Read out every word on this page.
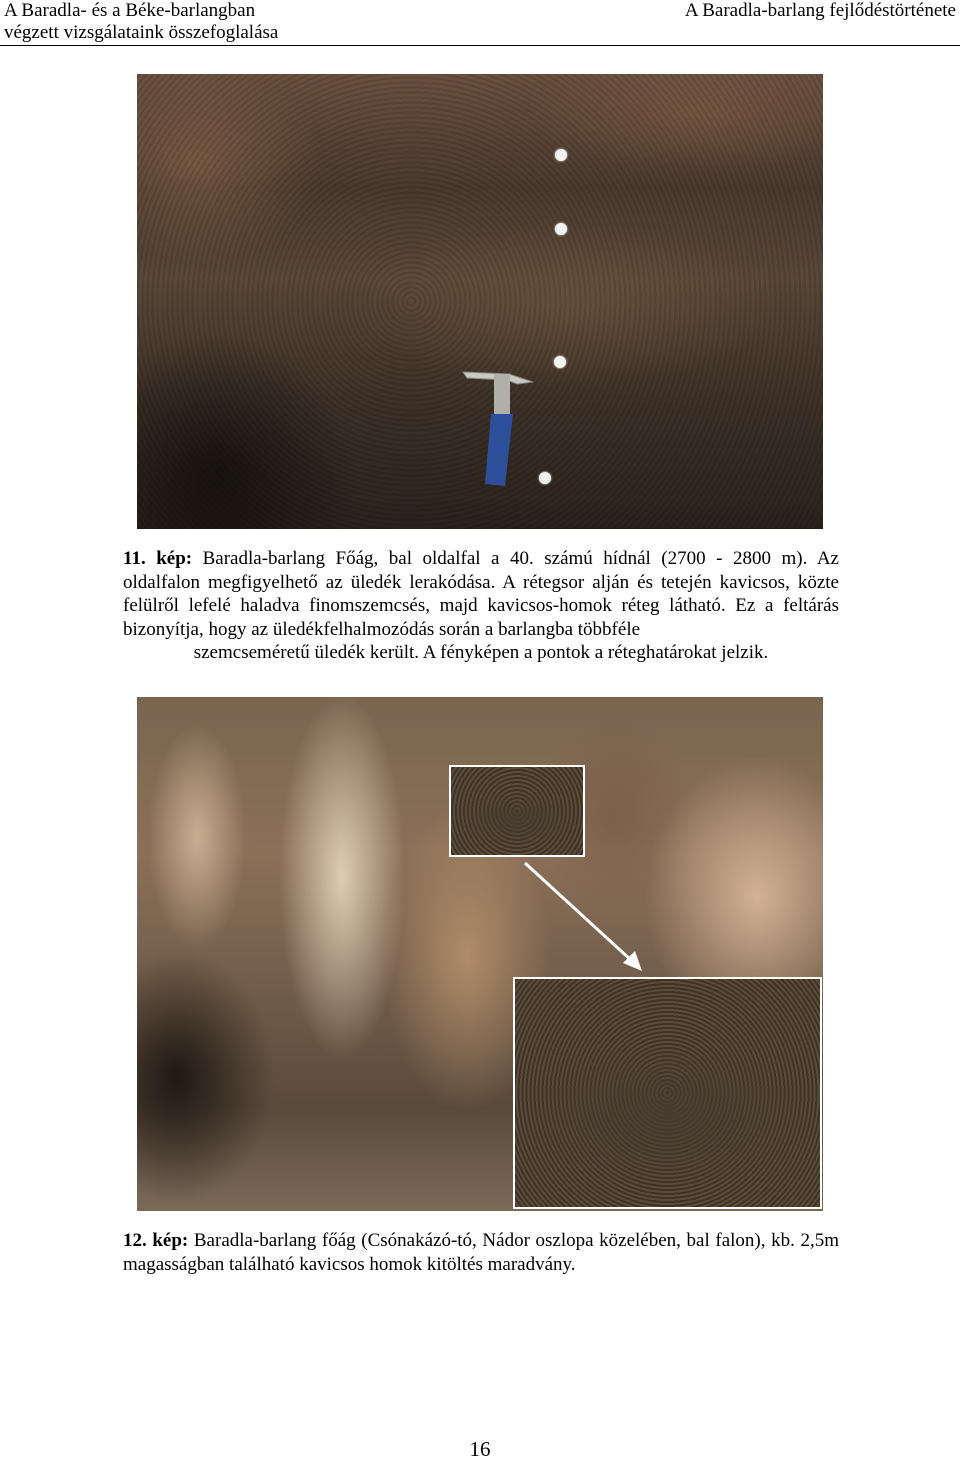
A Baradla- és a Béke-barlangban
végzett vizsgálataink összefoglalása
A Baradla-barlang fejlődéstörténete
11. kép: Baradla-barlang Főág, bal oldalfal a 40. számú hídnál (2700 - 2800 m). Az oldalfalon megfigyelhető az üledék lerakódása. A rétegsor alján és tetején kavicsos, közte felülről lefelé haladva finomszemcsés, majd kavicsos-homok réteg látható. Ez a feltárás bizonyítja, hogy az üledékfelhalmozódás során a barlangba többféle
szemcseméretű üledék került. A fényképen a pontok a réteghatárokat jelzik.
12. kép: Baradla-barlang főág (Csónakázó-tó, Nádor oszlopa közelében, bal falon), kb. 2,5m magasságban található kavicsos homok kitöltés maradvány.
16
